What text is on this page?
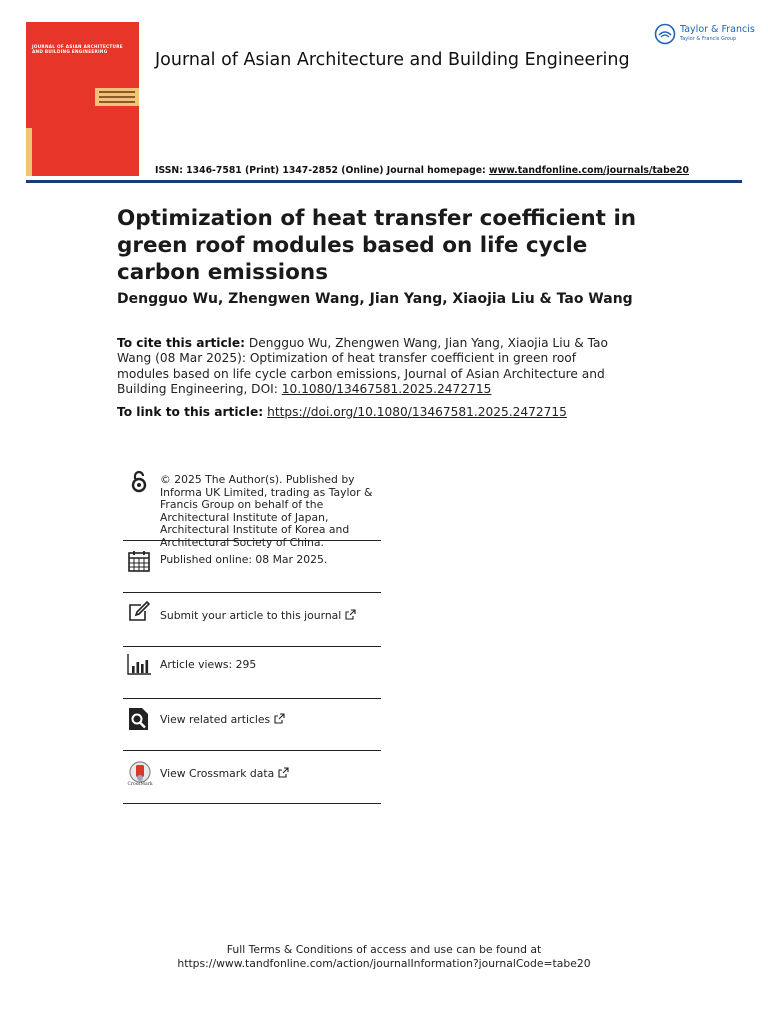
JOURNAL OF ASIAN ARCHITECTURE AND BUILDING ENGINEERING	Journal of Asian Architecture and Building Engineering
Taylor & Francis
Taylor & Francis Group
ISSN: 1346-7581 (Print) 1347-2852 (Online) Journal homepage: www.tandfonline.com/journals/tabe20
Optimization of heat transfer coefficient in green roof modules based on life cycle carbon emissions
Dengguo Wu, Zhengwen Wang, Jian Yang, Xiaojia Liu & Tao Wang
To cite this article: Dengguo Wu, Zhengwen Wang, Jian Yang, Xiaojia Liu & Tao Wang (08 Mar 2025): Optimization of heat transfer coefficient in green roof modules based on life cycle carbon emissions, Journal of Asian Architecture and Building Engineering, DOI: 10.1080/13467581.2025.2472715
To link to this article: https://doi.org/10.1080/13467581.2025.2472715
© 2025 The Author(s). Published by Informa UK Limited, trading as Taylor & Francis Group on behalf of the Architectural Institute of Japan, Architectural Institute of Korea and Architectural Society of China.
Published online: 08 Mar 2025.
Submit your article to this journal
Article views: 295
View related articles
CrossMark
View Crossmark data
Full Terms & Conditions of access and use can be found at
https://www.tandfonline.com/action/journalInformation?journalCode=tabe20
